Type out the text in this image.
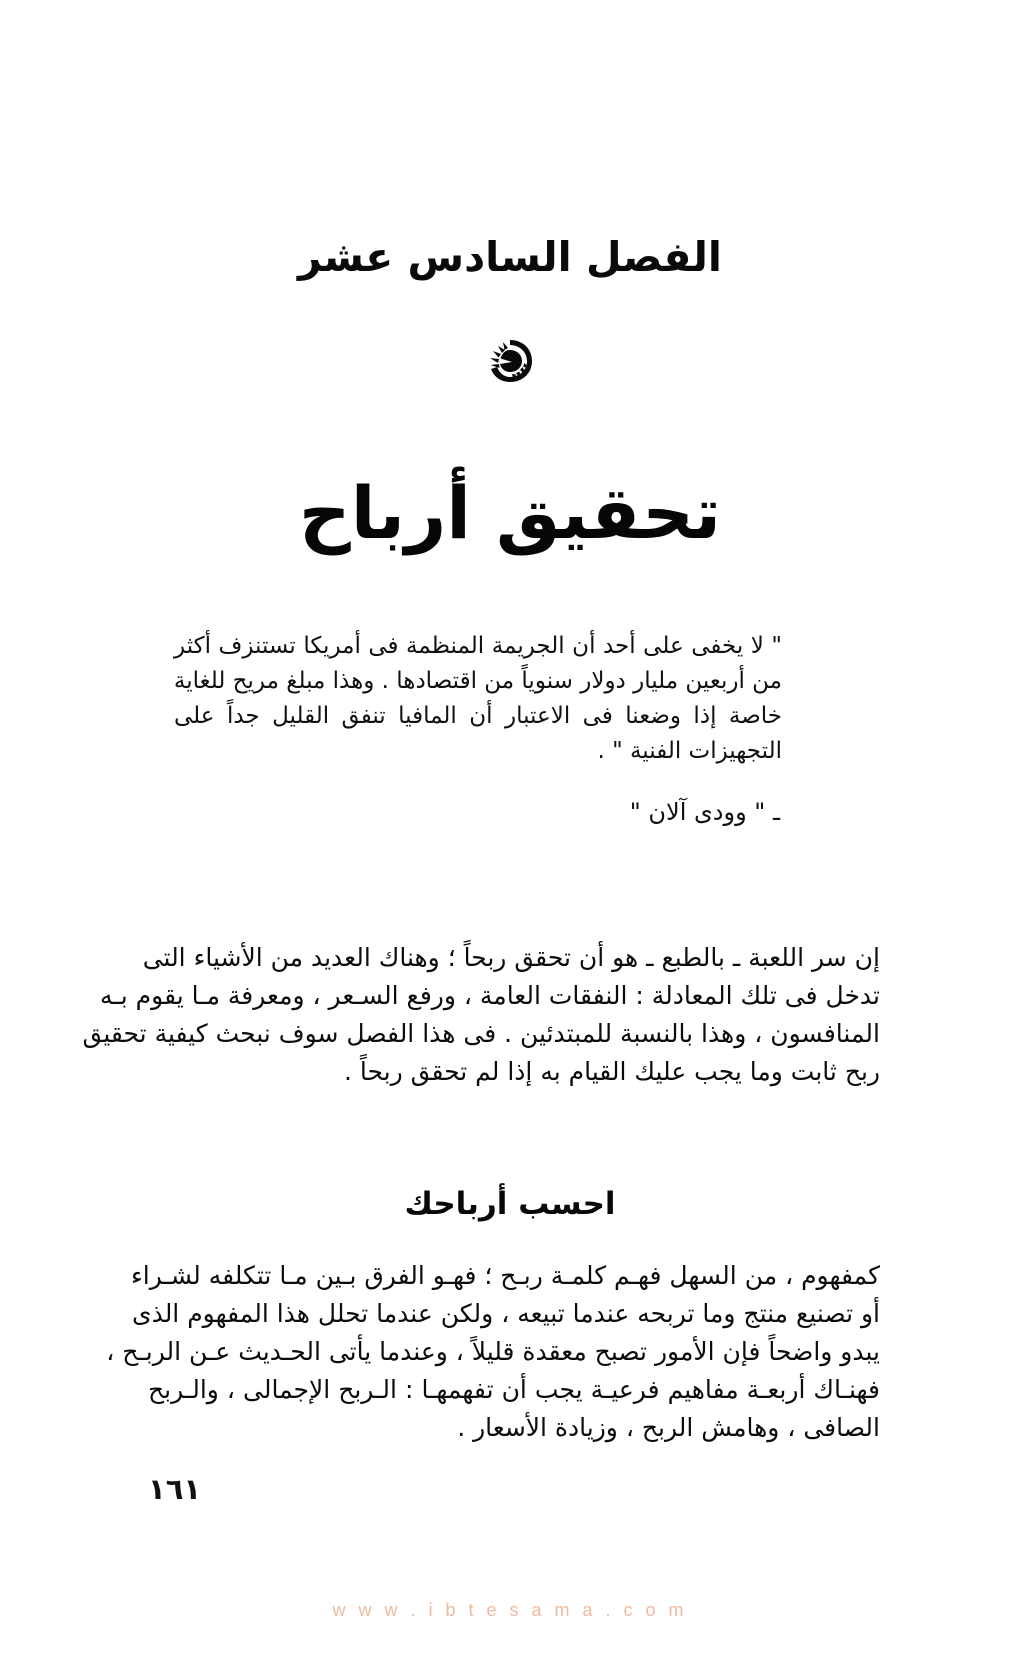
الفصل السادس عشر
تحقيق أرباح
" لا يخفى على أحد أن الجريمة المنظمة فى أمريكا تستنزف أكثر
من أربعين مليار دولار سنوياً من اقتصادها . وهذا مبلغ مريح للغاية
خاصة إذا وضعنا فى الاعتبار أن المافيا تنفق القليل جداً على
التجهيزات الفنية " .
ـ " وودى آلان "

إن سر اللعبة ـ بالطبع ـ هو أن تحقق ربحاً ؛ وهناك العديد من الأشياء التى
تدخل فى تلك المعادلة : النفقات العامة ، ورفع السـعر ، ومعرفة مـا يقوم بـه
المنافسون ، وهذا بالنسبة للمبتدئين . فى هذا الفصل سوف نبحث كيفية تحقيق
ربح ثابت وما يجب عليك القيام به إذا لم تحقق ربحاً .

احسب أرباحك

كمفهوم ، من السهل فهـم كلمـة ربـح ؛ فهـو الفرق بـين مـا تتكلفه لشـراء
أو تصنيع منتج وما تربحه عندما تبيعه ، ولكن عندما تحلل هذا المفهوم الذى
يبدو واضحاً فإن الأمور تصبح معقدة قليلاً ، وعندما يأتى الحـديث عـن الربـح ،
فهنـاك أربعـة مفاهيم فرعيـة يجب أن تفهمهـا : الـربح الإجمالى ، والـربح
الصافى ، وهامش الربح ، وزيادة الأسعار .

١٦١
w w w . i b t e s a m a . c o m
